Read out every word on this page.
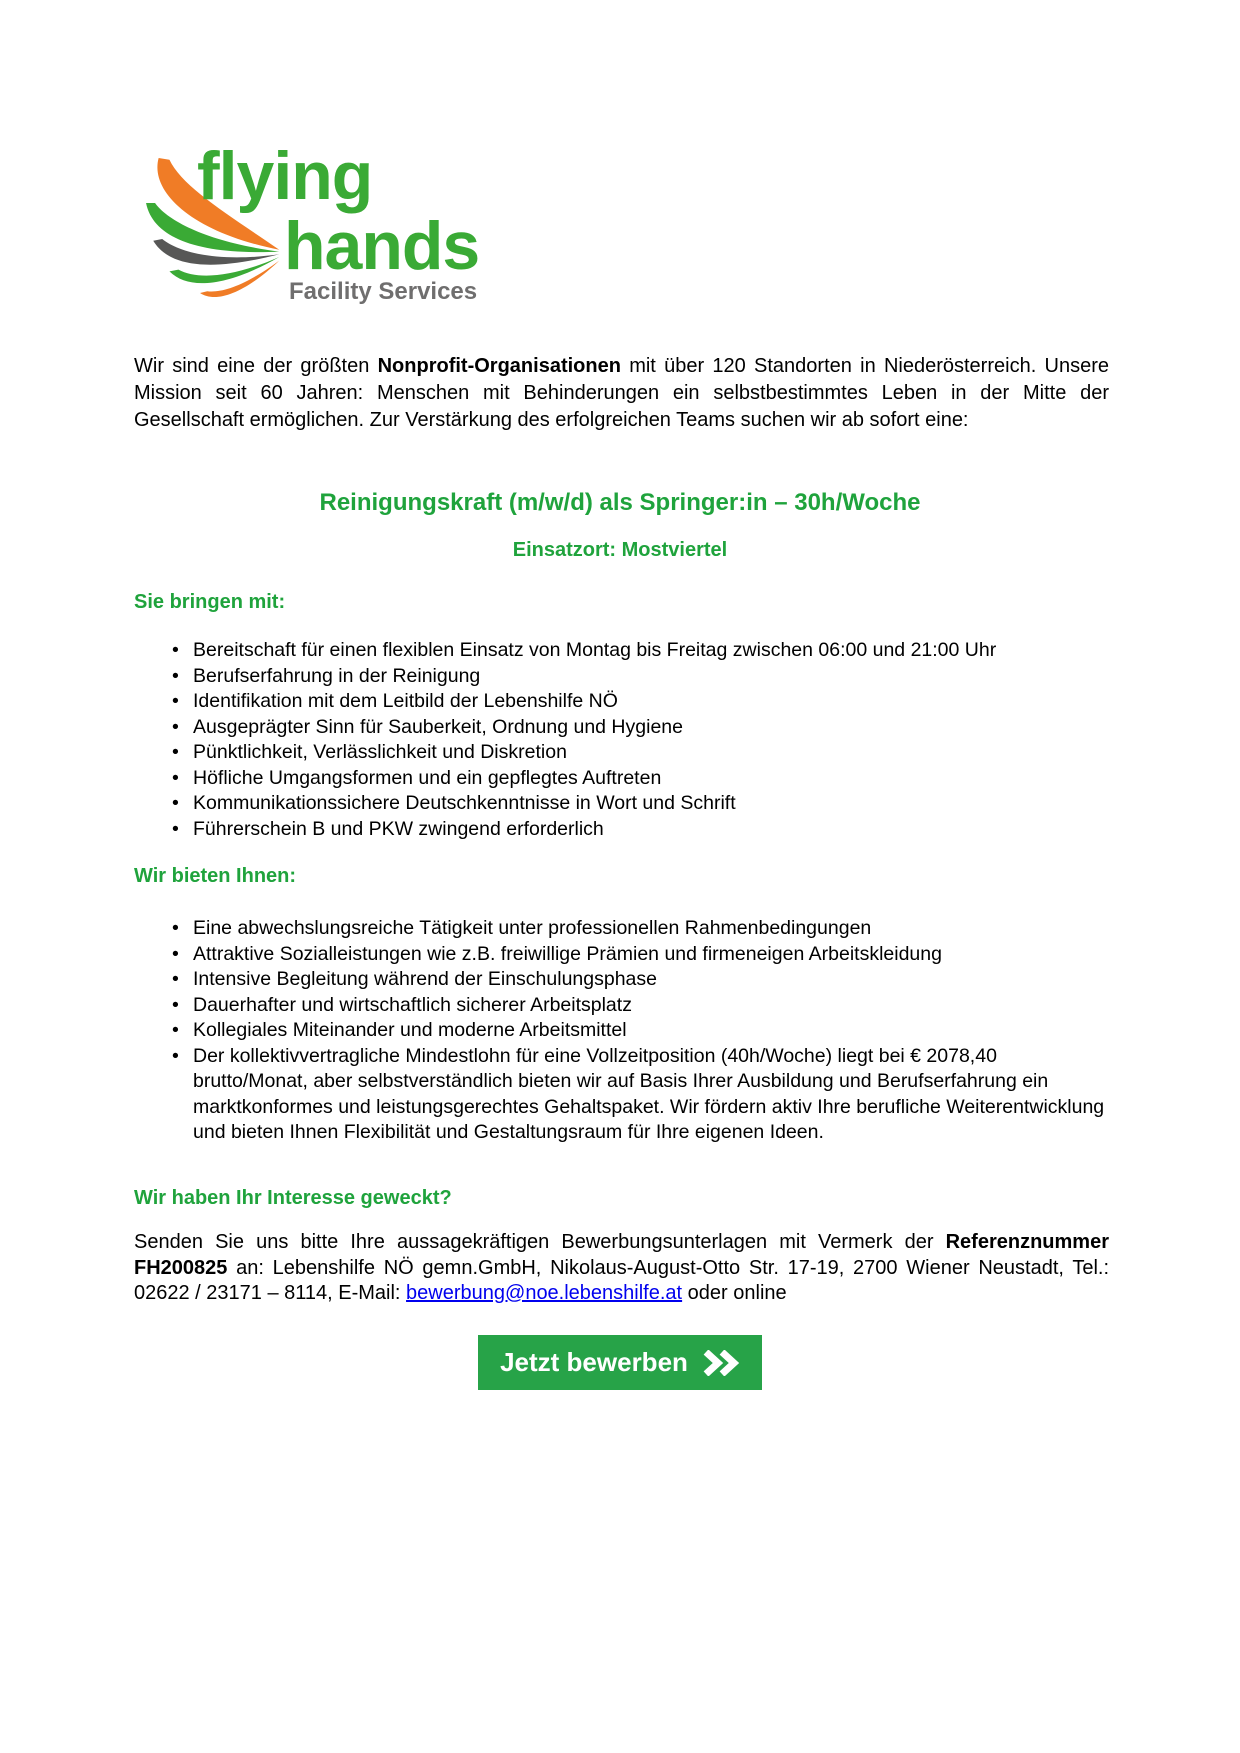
flying
hands
Facility Services

Wir sind eine der größten Nonprofit-Organisationen mit über 120 Standorten in Niederösterreich. Unsere Mission seit 60 Jahren: Menschen mit Behinderungen ein selbstbestimmtes Leben in der Mitte der Gesellschaft ermöglichen. Zur Verstärkung des erfolgreichen Teams suchen wir ab sofort eine:

Reinigungskraft (m/w/d) als Springer:in – 30h/Woche
Einsatzort: Mostviertel
Sie bringen mit:
• Bereitschaft für einen flexiblen Einsatz von Montag bis Freitag zwischen 06:00 und 21:00 Uhr
• Berufserfahrung in der Reinigung
• Identifikation mit dem Leitbild der Lebenshilfe NÖ
• Ausgeprägter Sinn für Sauberkeit, Ordnung und Hygiene
• Pünktlichkeit, Verlässlichkeit und Diskretion
• Höfliche Umgangsformen und ein gepflegtes Auftreten
• Kommunikationssichere Deutschkenntnisse in Wort und Schrift
• Führerschein B und PKW zwingend erforderlich
Wir bieten Ihnen:
• Eine abwechslungsreiche Tätigkeit unter professionellen Rahmenbedingungen
• Attraktive Sozialleistungen wie z.B. freiwillige Prämien und firmeneigen Arbeitskleidung
• Intensive Begleitung während der Einschulungsphase
• Dauerhafter und wirtschaftlich sicherer Arbeitsplatz
• Kollegiales Miteinander und moderne Arbeitsmittel
• Der kollektivvertragliche Mindestlohn für eine Vollzeitposition (40h/Woche) liegt bei € 2078,40 brutto/Monat, aber selbstverständlich bieten wir auf Basis Ihrer Ausbildung und Berufserfahrung ein marktkonformes und leistungsgerechtes Gehaltspaket. Wir fördern aktiv Ihre berufliche Weiterentwicklung und bieten Ihnen Flexibilität und Gestaltungsraum für Ihre eigenen Ideen.
Wir haben Ihr Interesse geweckt?

Senden Sie uns bitte Ihre aussagekräftigen Bewerbungsunterlagen mit Vermerk der Referenznummer FH200825 an: Lebenshilfe NÖ gemn.GmbH, Nikolaus-August-Otto Str. 17-19, 2700 Wiener Neustadt, Tel.: 02622 / 23171 – 8114, E-Mail: bewerbung@noe.lebenshilfe.at oder online

Jetzt bewerben
